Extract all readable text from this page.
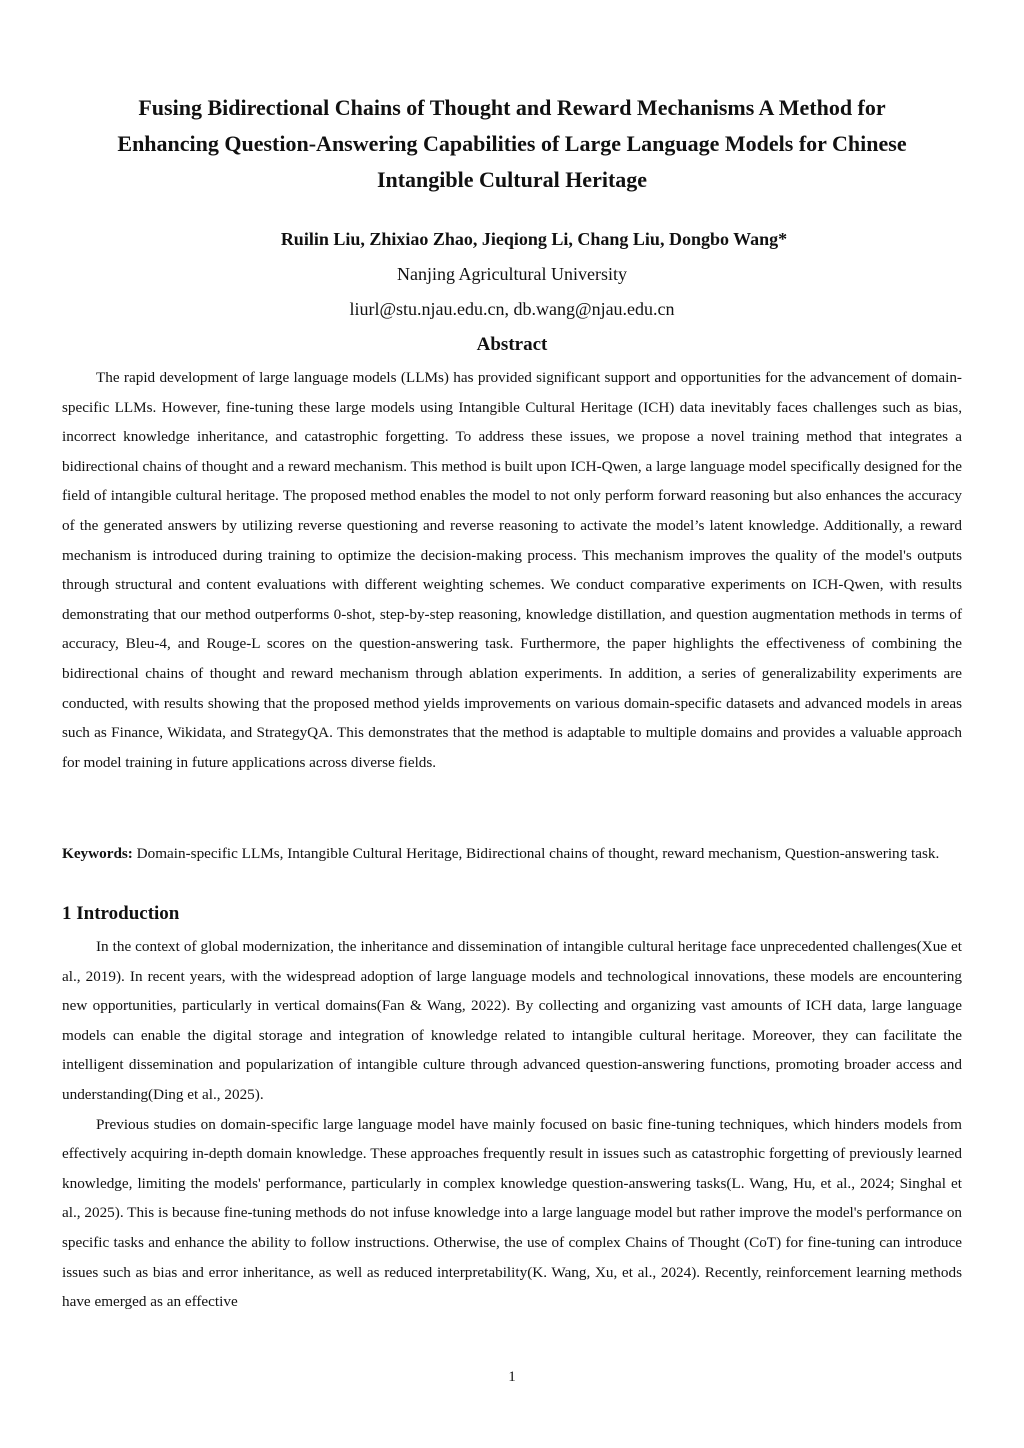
Fusing Bidirectional Chains of Thought and Reward Mechanisms A Method for
Enhancing Question-Answering Capabilities of Large Language Models for Chinese
Intangible Cultural Heritage
Ruilin Liu, Zhixiao Zhao, Jieqiong Li, Chang Liu, Dongbo Wang*
Nanjing Agricultural University
liurl@stu.njau.edu.cn, db.wang@njau.edu.cn
Abstract

The rapid development of large language models (LLMs) has provided significant support and opportunities for the advancement of domain-specific LLMs. However, fine-tuning these large models using Intangible Cultural Heritage (ICH) data inevitably faces challenges such as bias, incorrect knowledge inheritance, and catastrophic forgetting. To address these issues, we propose a novel training method that integrates a bidirectional chains of thought and a reward mechanism. This method is built upon ICH-Qwen, a large language model specifically designed for the field of intangible cultural heritage. The proposed method enables the model to not only perform forward reasoning but also enhances the accuracy of the generated answers by utilizing reverse questioning and reverse reasoning to activate the model’s latent knowledge. Additionally, a reward mechanism is introduced during training to optimize the decision-making process. This mechanism improves the quality of the model's outputs through structural and content evaluations with different weighting schemes. We conduct comparative experiments on ICH-Qwen, with results demonstrating that our method outperforms 0-shot, step-by-step reasoning, knowledge distillation, and question augmentation methods in terms of accuracy, Bleu-4, and Rouge-L scores on the question-answering task. Furthermore, the paper highlights the effectiveness of combining the bidirectional chains of thought and reward mechanism through ablation experiments. In addition, a series of generalizability experiments are conducted, with results showing that the proposed method yields improvements on various domain-specific datasets and advanced models in areas such as Finance, Wikidata, and StrategyQA. This demonstrates that the method is adaptable to multiple domains and provides a valuable approach for model training in future applications across diverse fields.

Keywords: Domain-specific LLMs, Intangible Cultural Heritage, Bidirectional chains of thought, reward mechanism, Question-answering task.

1 Introduction

In the context of global modernization, the inheritance and dissemination of intangible cultural heritage face unprecedented challenges(Xue et al., 2019). In recent years, with the widespread adoption of large language models and technological innovations, these models are encountering new opportunities, particularly in vertical domains(Fan & Wang, 2022). By collecting and organizing vast amounts of ICH data, large language models can enable the digital storage and integration of knowledge related to intangible cultural heritage. Moreover, they can facilitate the intelligent dissemination and popularization of intangible culture through advanced question-answering functions, promoting broader access and understanding(Ding et al., 2025).

Previous studies on domain-specific large language model have mainly focused on basic fine-tuning techniques, which hinders models from effectively acquiring in-depth domain knowledge. These approaches frequently result in issues such as catastrophic forgetting of previously learned knowledge, limiting the models' performance, particularly in complex knowledge question-answering tasks(L. Wang, Hu, et al., 2024; Singhal et al., 2025). This is because fine-tuning methods do not infuse knowledge into a large language model but rather improve the model's performance on specific tasks and enhance the ability to follow instructions. Otherwise, the use of complex Chains of Thought (CoT) for fine-tuning can introduce issues such as bias and error inheritance, as well as reduced interpretability(K. Wang, Xu, et al., 2024). Recently, reinforcement learning methods have emerged as an effective

1
